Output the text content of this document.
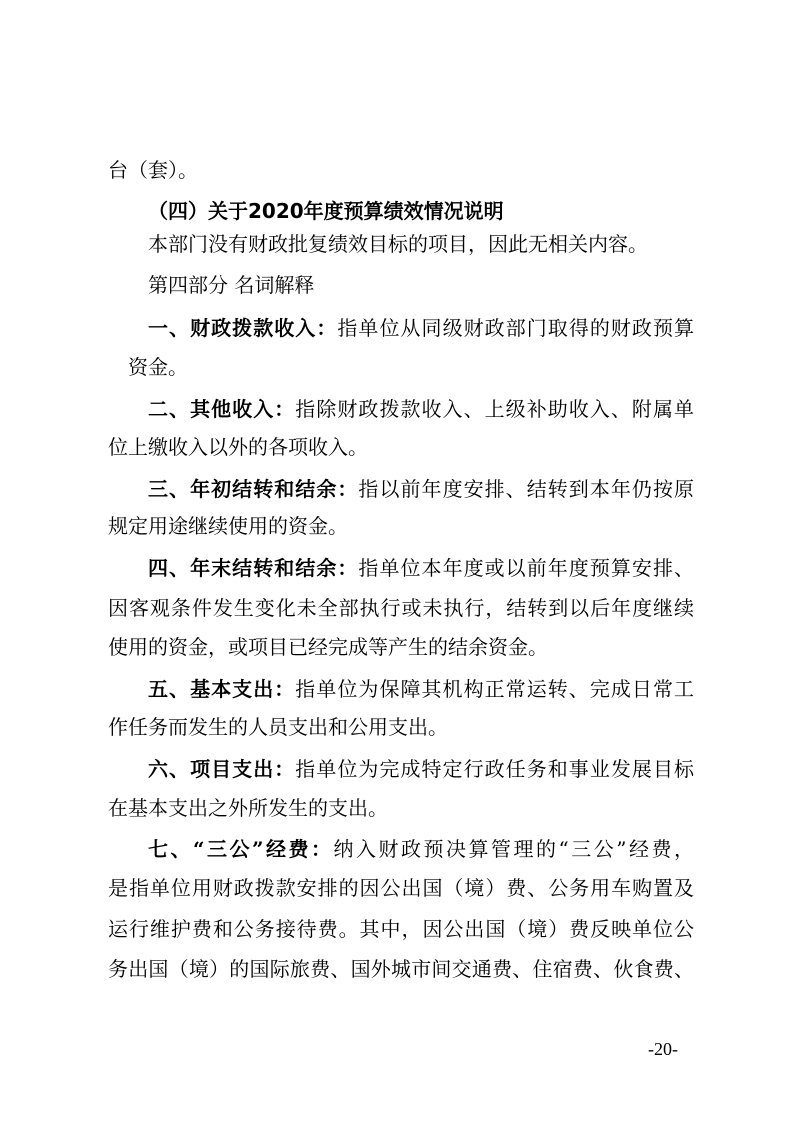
台（套）。
（四）关于2020年度预算绩效情况说明
本部门没有财政批复绩效目标的项目，因此无相关内容。
第四部分 名词解释
一、财政拨款收入：指单位从同级财政部门取得的财政预算
资金。
二、其他收入：指除财政拨款收入、上级补助收入、附属单
位上缴收入以外的各项收入。
三、年初结转和结余：指以前年度安排、结转到本年仍按原
规定用途继续使用的资金。
四、年末结转和结余：指单位本年度或以前年度预算安排、
因客观条件发生变化未全部执行或未执行，结转到以后年度继续
使用的资金，或项目已经完成等产生的结余资金。
五、基本支出：指单位为保障其机构正常运转、完成日常工
作任务而发生的人员支出和公用支出。
六、项目支出：指单位为完成特定行政任务和事业发展目标
在基本支出之外所发生的支出。
七、“三公”经费：纳入财政预决算管理的“三公”经费，
是指单位用财政拨款安排的因公出国（境）费、公务用车购置及
运行维护费和公务接待费。其中，因公出国（境）费反映单位公
务出国（境）的国际旅费、国外城市间交通费、住宿费、伙食费、
-20-
